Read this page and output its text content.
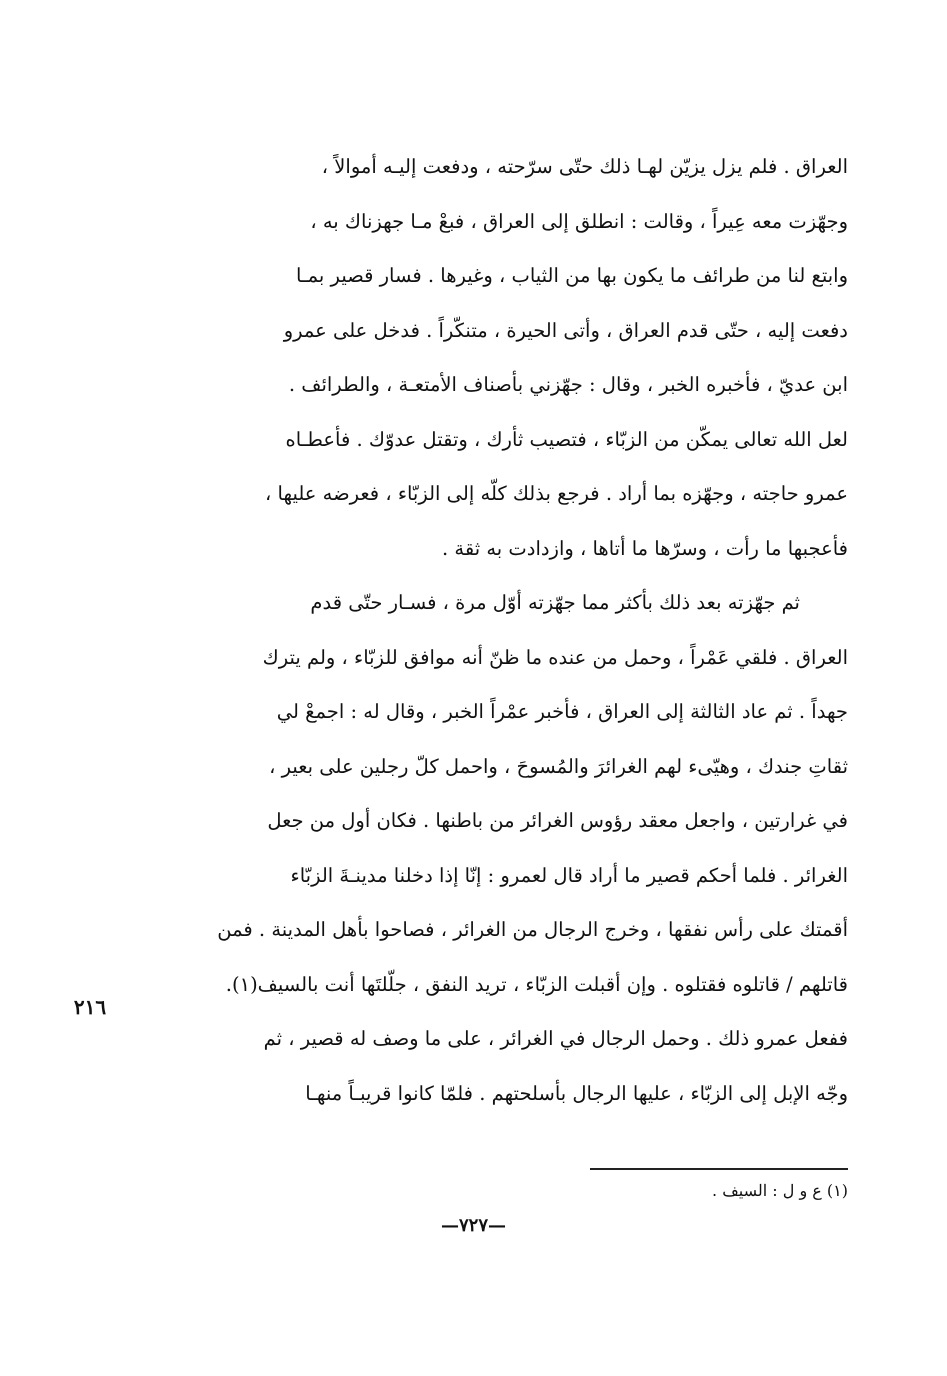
العراق . فلم يزل يزيّن لهـا ذلك حتّى سرّحته ، ودفعت إليـه أموالاً ،
وجهّزت معه عِيراً ، وقالت : انطلق إلى العراق ، فبعْ مـا جهزناك به ،
وابتع لنا من طرائف ما يكون بها من الثياب ، وغيرها . فسار قصير بمـا
دفعت إليه ، حتّى قدم العراق ، وأتى الحيرة ، متنكّراً . فدخل على عمرو
ابن عديّ ، فأخبره الخبر ، وقال : جهّزني بأصناف الأمتعـة ، والطرائف .
لعل الله تعالى يمكّن من الزبّاء ، فتصيب ثأرك ، وتقتل عدوّك . فأعطـاه
عمرو حاجته ، وجهّزه بما أراد . فرجع بذلك كلّه إلى الزبّاء ، فعرضه عليها ،
فأعجبها ما رأت ، وسرّها ما أتاها ، وازدادت به ثقة .
ثم جهّزته بعد ذلك بأكثر مما جهّزته أوّل مرة ، فسـار حتّى قدم
العراق . فلقي عَمْراً ، وحمل من عنده ما ظنّ أنه موافق للزبّاء ، ولم يترك
جهداً . ثم عاد الثالثة إلى العراق ، فأخبر عمْراً الخبر ، وقال له : اجمعْ لي
ثقاتِ جندك ، وهيّىء لهم الغرائرَ والمُسوحَ ، واحمل كلّ رجلين على بعير ،
في غرارتين ، واجعل معقد رؤوس الغرائر من باطنها . فكان أول من جعل
الغرائر . فلما أحكم قصير ما أراد قال لعمرو : إنّا إذا دخلنا مدينـةَ الزبّاء
أقمتك على رأس نفقها ، وخرج الرجال من الغرائر ، فصاحوا بأهل المدينة . فمن
قاتلهم / قاتلوه فقتلوه . وإن أقبلت الزبّاء ، تريد النفق ، جلّلتَها أنت بالسيف(١).
ففعل عمرو ذلك . وحمل الرجال في الغرائر ، على ما وصف له قصير ، ثم
وجّه الإبل إلى الزبّاء ، عليها الرجال بأسلحتهم . فلمّا كانوا قريبـاً منهـا
٢١٦
(١) ع و ل : السيف .
—٧٢٧—
